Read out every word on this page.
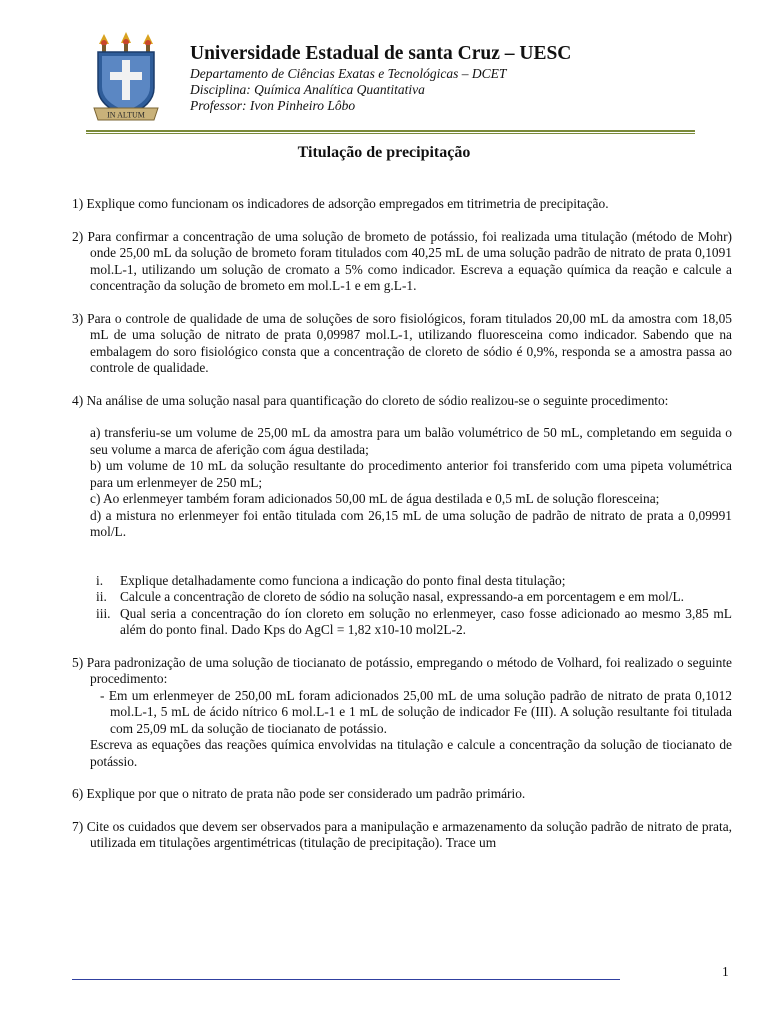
IN ALTUM
Universidade Estadual de santa Cruz – UESC
Departamento de Ciências Exatas e Tecnológicas – DCET
Disciplina: Química Analítica Quantitativa
Professor: Ivon Pinheiro Lôbo
Titulação de precipitação

1) Explique como funcionam os indicadores de adsorção empregados em titrimetria de precipitação.

2) Para confirmar a concentração de uma solução de brometo de potássio, foi realizada uma titulação (método de Mohr) onde 25,00 mL da solução de brometo foram titulados com 40,25 mL de uma solução padrão de nitrato de prata 0,1091 mol.L-1, utilizando um solução de cromato a 5% como indicador. Escreva a equação química da reação e calcule a concentração da solução de brometo em mol.L-1 e em g.L-1.

3) Para o controle de qualidade de uma de soluções de soro fisiológicos, foram titulados 20,00 mL da amostra com 18,05 mL de uma solução de nitrato de prata 0,09987 mol.L-1, utilizando fluoresceina como indicador. Sabendo que na embalagem do soro fisiológico consta que a concentração de cloreto de sódio é 0,9%, responda se a amostra passa ao controle de qualidade.

4) Na análise de uma solução nasal para quantificação do cloreto de sódio realizou-se o seguinte procedimento:

a) transferiu-se um volume de 25,00 mL da amostra para um balão volumétrico de 50 mL, completando em seguida o seu volume a marca de aferição com água destilada;

b) um volume de 10 mL da solução resultante do procedimento anterior foi transferido com uma pipeta volumétrica para um erlenmeyer de 250 mL;

c) Ao erlenmeyer também foram adicionados 50,00 mL de água destilada e 0,5 mL de solução floresceina;

d) a mistura no erlenmeyer foi então titulada com 26,15 mL de uma solução de padrão de nitrato de prata a 0,09991 mol/L.

i. Explique detalhadamente como funciona a indicação do ponto final desta titulação;

ii. Calcule a concentração de cloreto de sódio na solução nasal, expressando-a em porcentagem e em mol/L.

iii. Qual seria a concentração do íon cloreto em solução no erlenmeyer, caso fosse adicionado ao mesmo 3,85 mL além do ponto final. Dado Kps do AgCl = 1,82 x10-10 mol2L-2.

5) Para padronização de uma solução de tiocianato de potássio, empregando o método de Volhard, foi realizado o seguinte procedimento:

- Em um erlenmeyer de 250,00 mL foram adicionados 25,00 mL de uma solução padrão de nitrato de prata 0,1012 mol.L-1, 5 mL de ácido nítrico 6 mol.L-1 e 1 mL de solução de indicador Fe (III). A solução resultante foi titulada com 25,09 mL da solução de tiocianato de potássio.

Escreva as equações das reações química envolvidas na titulação e calcule a concentração da solução de tiocianato de potássio.

6) Explique por que o nitrato de prata não pode ser considerado um padrão primário.

7) Cite os cuidados que devem ser observados para a manipulação e armazenamento da solução padrão de nitrato de prata, utilizada em titulações argentimétricas (titulação de precipitação). Trace um

1
